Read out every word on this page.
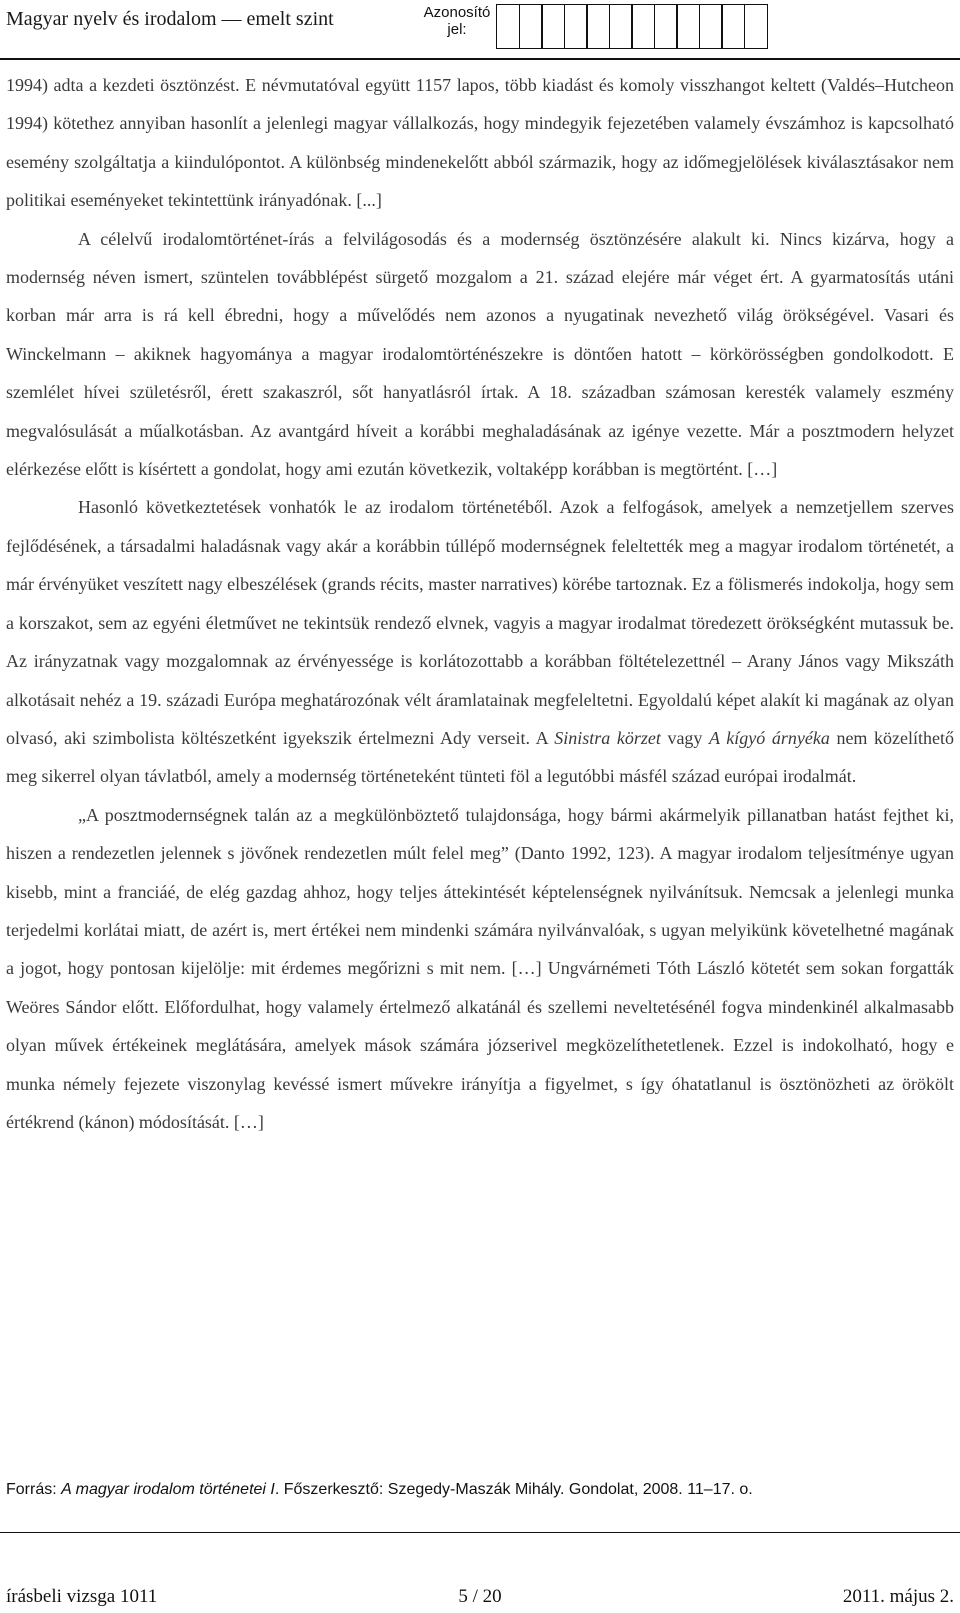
Magyar nyelv és irodalom — emelt szint	Azonosító jel:

1994) adta a kezdeti ösztönzést. E névmutatóval együtt 1157 lapos, több kiadást és komoly visszhangot keltett (Valdés–Hutcheon 1994) kötethez annyiban hasonlít a jelenlegi magyar vállalkozás, hogy mindegyik fejezetében valamely évszámhoz is kapcsolható esemény szolgáltatja a kiindulópontot. A különbség mindenekelőtt abból származik, hogy az időmegjelölések kiválasztásakor nem politikai eseményeket tekintettünk irányadónak. [...]

A célelvű irodalomtörténet-írás a felvilágosodás és a modernség ösztönzésére alakult ki. Nincs kizárva, hogy a modernség néven ismert, szüntelen továbblépést sürgető mozgalom a 21. század elejére már véget ért. A gyarmatosítás utáni korban már arra is rá kell ébredni, hogy a művelődés nem azonos a nyugatinak nevezhető világ örökségével. Vasari és Winckelmann – akiknek hagyománya a magyar irodalomtörténészekre is döntően hatott – körkörösségben gondolkodott. E szemlélet hívei születésről, érett szakaszról, sőt hanyatlásról írtak. A 18. században számosan keresték valamely eszmény megvalósulását a műalkotásban. Az avantgárd híveit a korábbi meghaladásának az igénye vezette. Már a posztmodern helyzet elérkezése előtt is kísértett a gondolat, hogy ami ezután következik, voltaképp korábban is megtörtént. […]

Hasonló következtetések vonhatók le az irodalom történetéből. Azok a felfogások, amelyek a nemzetjellem szerves fejlődésének, a társadalmi haladásnak vagy akár a korábbin túllépő modernségnek feleltették meg a magyar irodalom történetét, a már érvényüket veszített nagy elbeszélések (grands récits, master narratives) körébe tartoznak. Ez a fölismerés indokolja, hogy sem a korszakot, sem az egyéni életművet ne tekintsük rendező elvnek, vagyis a magyar irodalmat töredezett örökségként mutassuk be. Az irányzatnak vagy mozgalomnak az érvényessége is korlátozottabb a korábban föltételezettnél – Arany János vagy Mikszáth alkotásait nehéz a 19. századi Európa meghatározónak vélt áramlatainak megfeleltetni. Egyoldalú képet alakít ki magának az olyan olvasó, aki szimbolista költészetként igyekszik értelmezni Ady verseit. A Sinistra körzet vagy A kígyó árnyéka nem közelíthető meg sikerrel olyan távlatból, amely a modernség történeteként tünteti föl a legutóbbi másfél század európai irodalmát.

„A posztmodernségnek talán az a megkülönböztető tulajdonsága, hogy bármi akármelyik pillanatban hatást fejthet ki, hiszen a rendezetlen jelennek s jövőnek rendezetlen múlt felel meg” (Danto 1992, 123). A magyar irodalom teljesítménye ugyan kisebb, mint a franciáé, de elég gazdag ahhoz, hogy teljes áttekintését képtelenségnek nyilvánítsuk. Nemcsak a jelenlegi munka terjedelmi korlátai miatt, de azért is, mert értékei nem mindenki számára nyilvánvalóak, s ugyan melyikünk követelhetné magának a jogot, hogy pontosan kijelölje: mit érdemes megőrizni s mit nem. […] Ungvárnémeti Tóth László kötetét sem sokan forgatták Weöres Sándor előtt. Előfordulhat, hogy valamely értelmező alkatánál és szellemi neveltetésénél fogva mindenkinél alkalmasabb olyan művek értékeinek meglátására, amelyek mások számára józserivel megközelíthetetlenek. Ezzel is indokolható, hogy e munka némely fejezete viszonylag kevéssé ismert művekre irányítja a figyelmet, s így óhatatlanul is ösztönözheti az örökölt értékrend (kánon) módosítását. […]

Forrás: A magyar irodalom történetei I. Főszerkesztő: Szegedy-Maszák Mihály. Gondolat, 2008. 11–17. o.
írásbeli vizsga 1011	5 / 20	2011. május 2.
